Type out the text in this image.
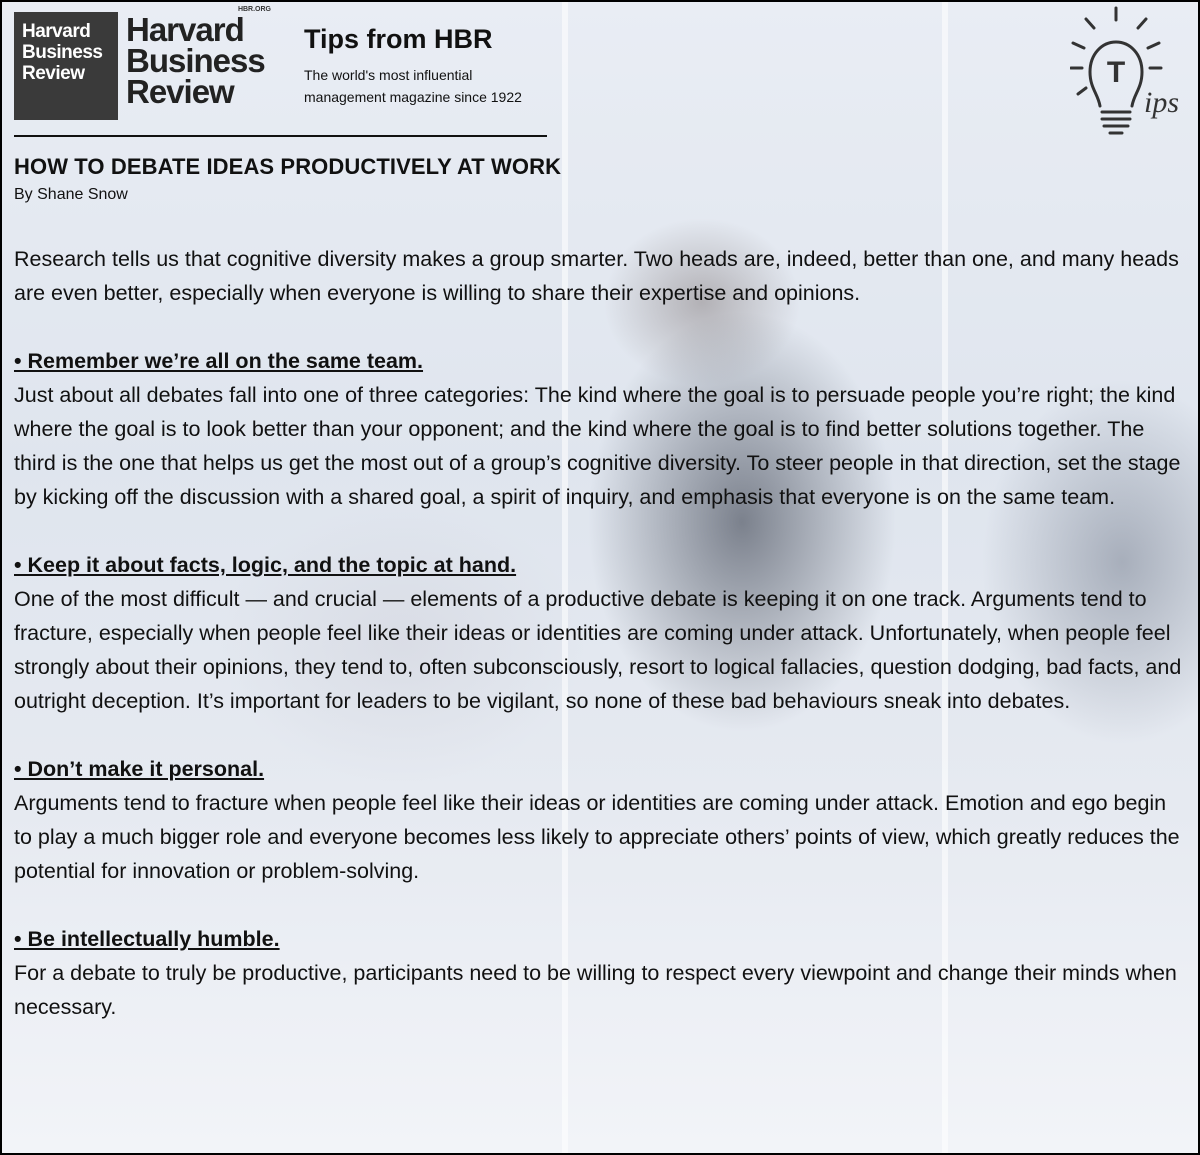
Harvard
Business
Review
HBR.ORG
Harvard
Business
Review
Tips from HBR
The world's most influential management magazine since 1922
T
ips
HOW TO DEBATE IDEAS PRODUCTIVELY AT WORK
By Shane Snow

Research tells us that cognitive diversity makes a group smarter. Two heads are, indeed, better than one, and many heads are even better, especially when everyone is willing to share their expertise and opinions.

• Remember we’re all on the same team.

Just about all debates fall into one of three categories: The kind where the goal is to persuade people you’re right; the kind where the goal is to look better than your opponent; and the kind where the goal is to find better solutions together. The third is the one that helps us get the most out of a group’s cognitive diversity. To steer people in that direction, set the stage by kicking off the discussion with a shared goal, a spirit of inquiry, and emphasis that everyone is on the same team.

• Keep it about facts, logic, and the topic at hand.

One of the most difficult — and crucial — elements of a productive debate is keeping it on one track. Arguments tend to fracture, especially when people feel like their ideas or identities are coming under attack. Unfortunately, when people feel strongly about their opinions, they tend to, often subconsciously, resort to logical fallacies, question dodging, bad facts, and outright deception. It’s important for leaders to be vigilant, so none of these bad behaviours sneak into debates.

• Don’t make it personal.

Arguments tend to fracture when people feel like their ideas or identities are coming under attack. Emotion and ego begin to play a much bigger role and everyone becomes less likely to appreciate others’ points of view, which greatly reduces the potential for innovation or problem-solving.

• Be intellectually humble.

For a debate to truly be productive, participants need to be willing to respect every viewpoint and change their minds when necessary.
